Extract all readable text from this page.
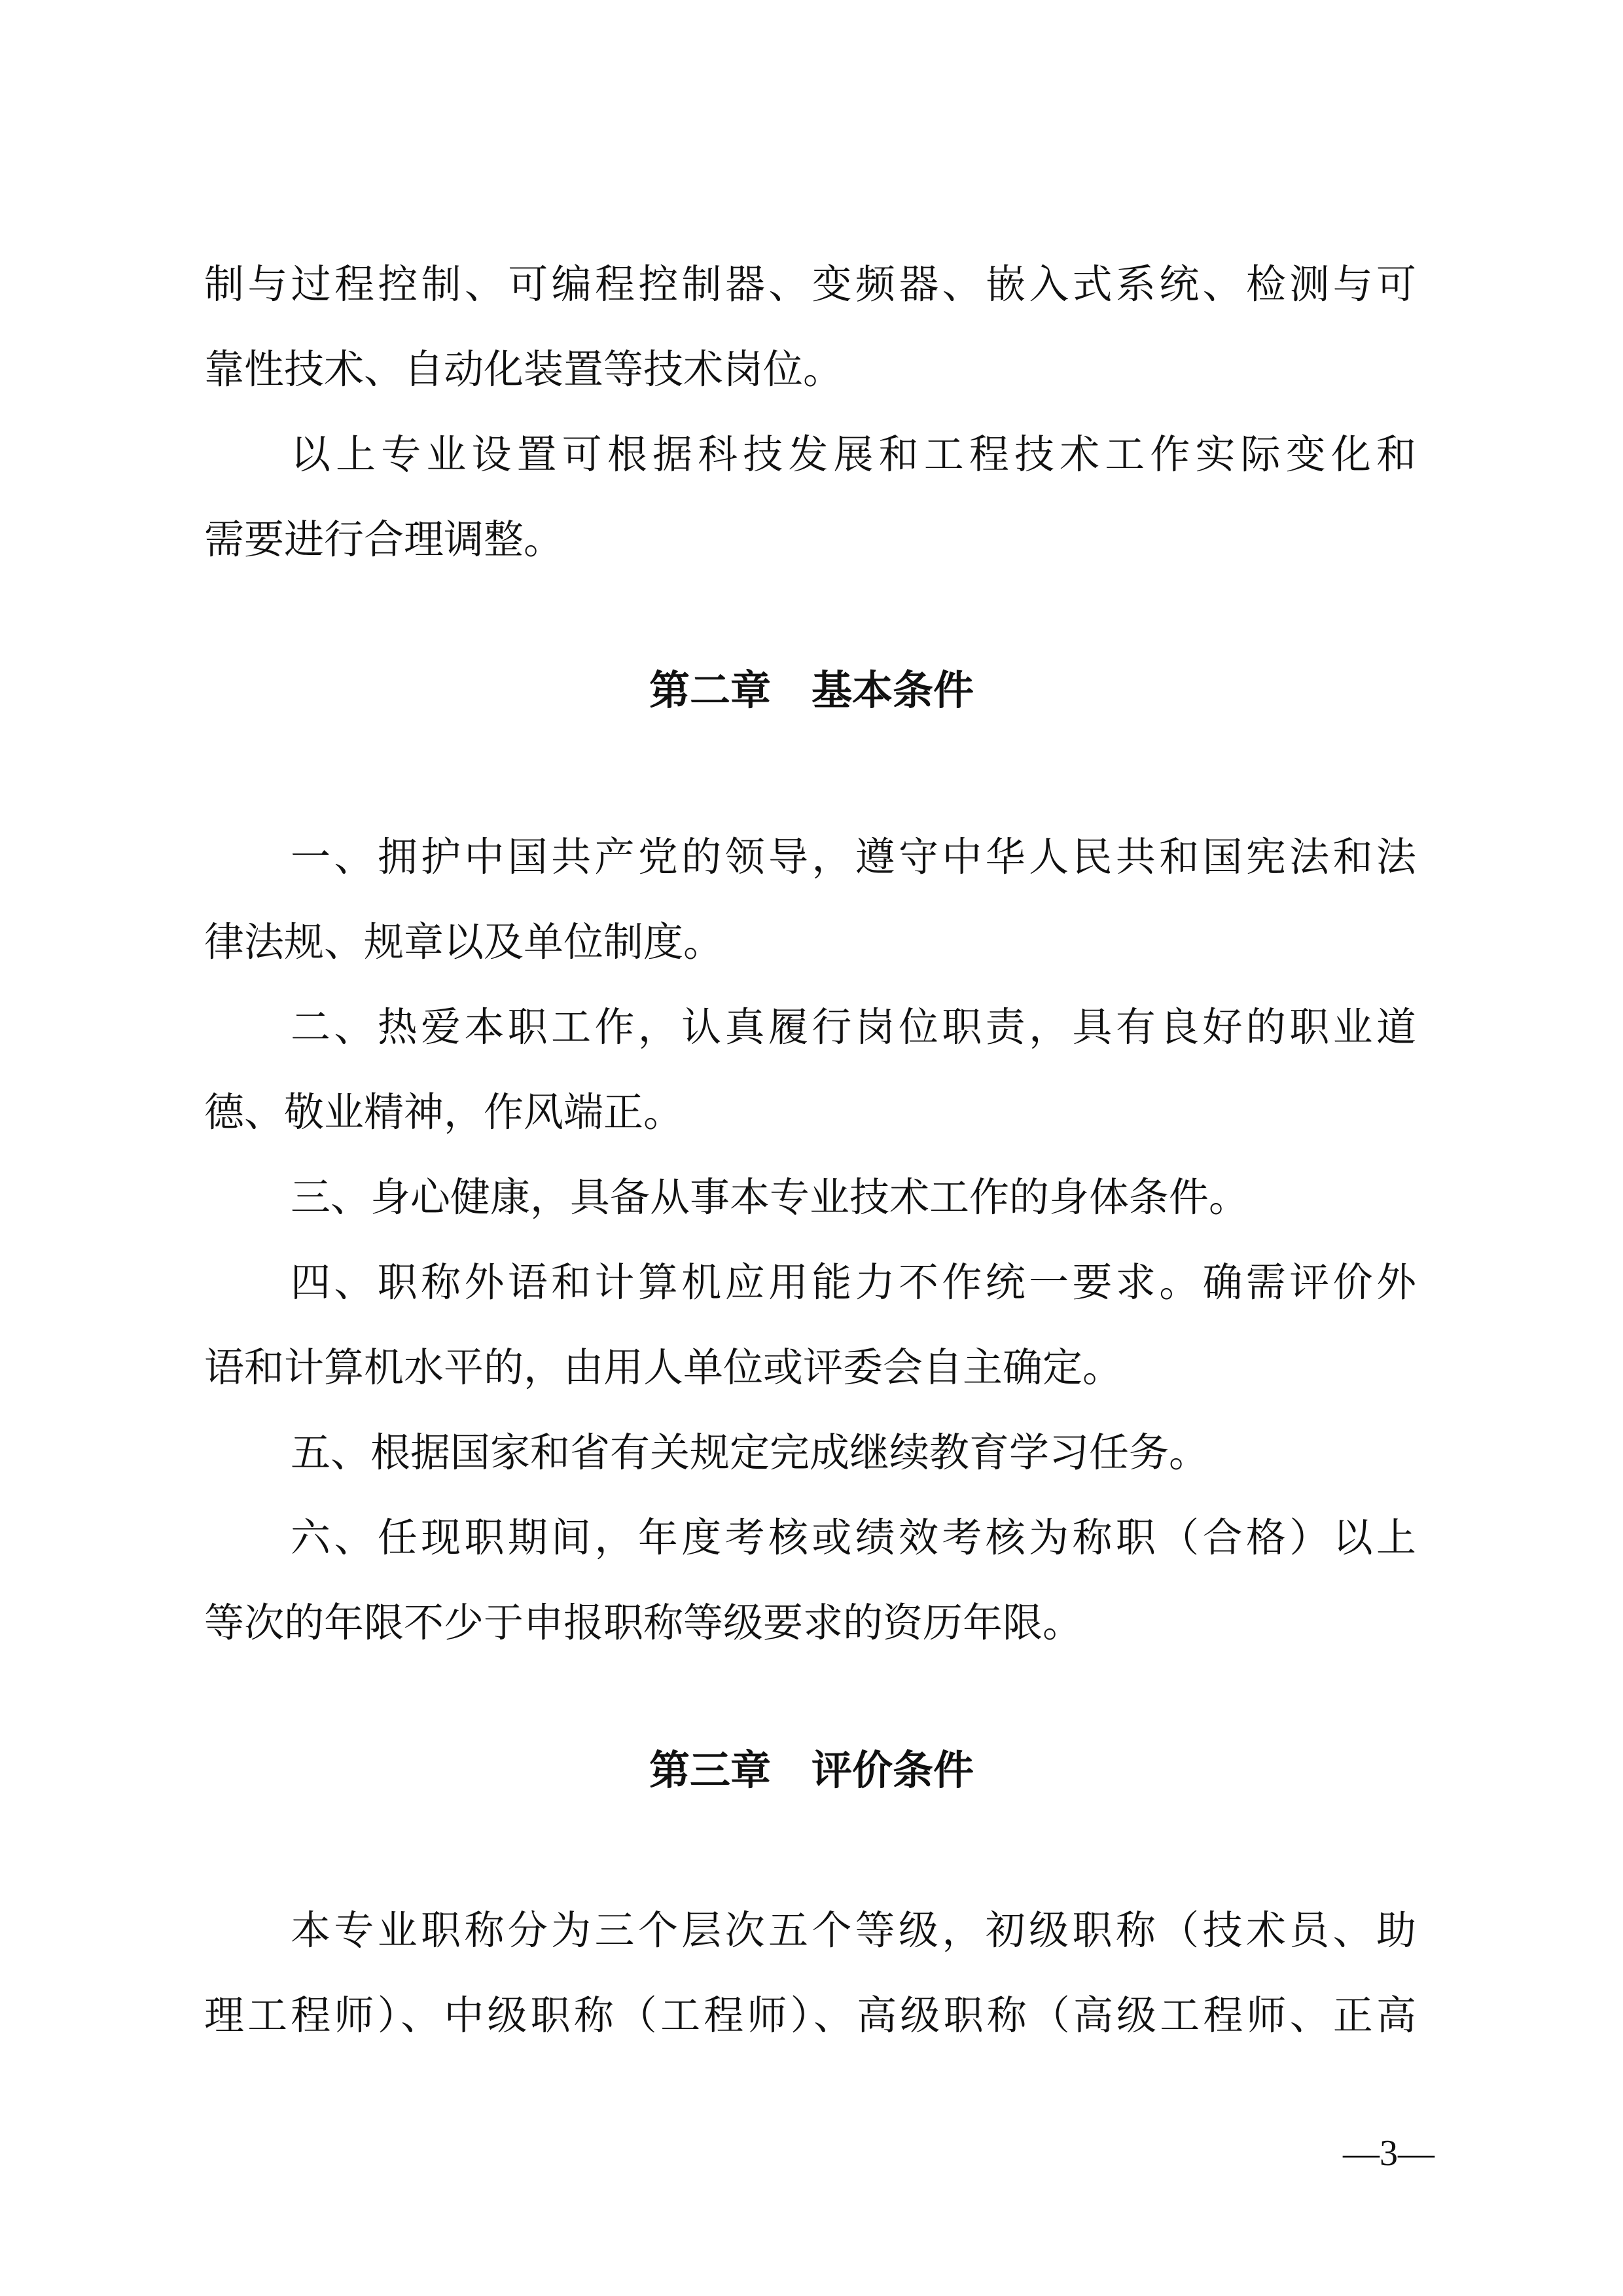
制与过程控制、可编程控制器、变频器、嵌入式系统、检测与可
靠性技术、自动化装置等技术岗位。
以上专业设置可根据科技发展和工程技术工作实际变化和
需要进行合理调整。
第二章　基本条件
一、拥护中国共产党的领导，遵守中华人民共和国宪法和法
律法规、规章以及单位制度。
二、热爱本职工作，认真履行岗位职责，具有良好的职业道
德、敬业精神，作风端正。
三、身心健康，具备从事本专业技术工作的身体条件。
四、职称外语和计算机应用能力不作统一要求。确需评价外
语和计算机水平的，由用人单位或评委会自主确定。
五、根据国家和省有关规定完成继续教育学习任务。
六、任现职期间，年度考核或绩效考核为称职（合格）以上
等次的年限不少于申报职称等级要求的资历年限。
第三章　评价条件
本专业职称分为三个层次五个等级，初级职称（技术员、助
理工程师）、中级职称（工程师）、高级职称（高级工程师、正高
—3—
